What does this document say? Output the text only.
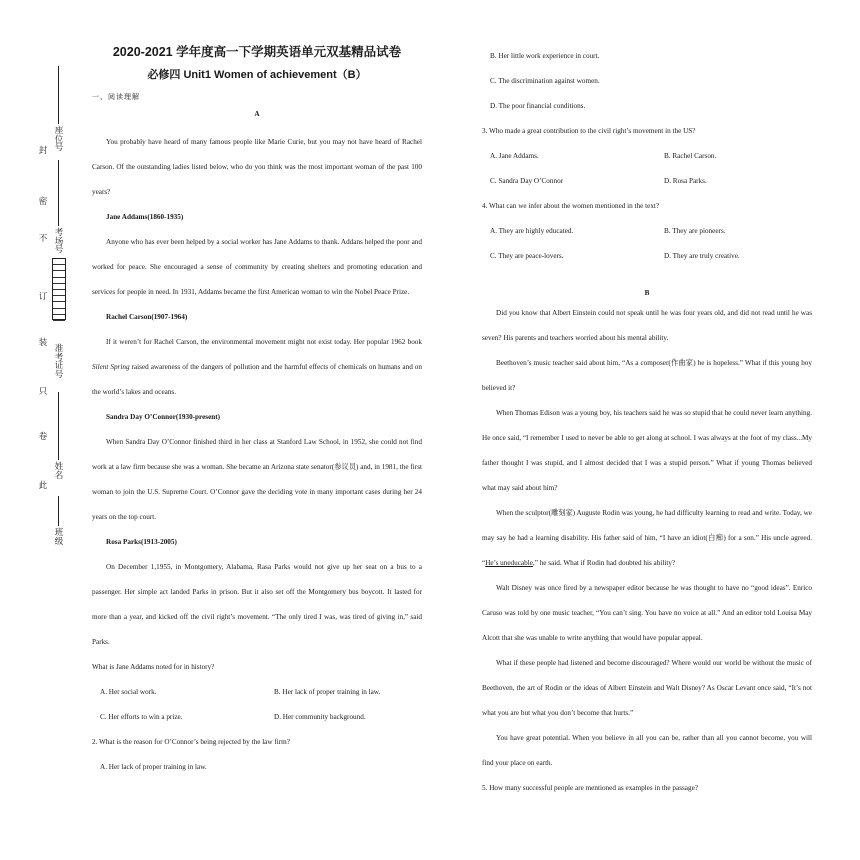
封
密
不
订
装
只
卷
此
座位号
考场号
准考证号
姓名
班级
2020-2021 学年度高一下学期英语单元双基精品试卷
必修四 Unit1 Women of achievement（B）
一、阅读理解
A

You probably have heard of many famous people like Marie Curie, but you may not have heard of Rachel Carson. Of the outstanding ladies listed below, who do you think was the most important woman of the past 100 years?

Jane Addams(1860-1935)

Anyone who has ever been helped by a social worker has Jane Addams to thank. Addans helped the poor and worked for peace. She encouraged a sense of community by creating shelters and promoting education and services for people in need. In 1931, Addams became the first American woman to win the Nobel Peace Prize.

Rachel Carson(1907-1964)

If it weren’t for Rachel Carson, the environmental movement might not exist today. Her popular 1962 book Silent Spring raised awareness of the dangers of pollution and the harmful effects of chemicals on humans and on the world’s lakes and oceans.

Sandra Day O’Connor(1930-present)

When Sandra Day O’Connor finished third in her class at Stanford Law School, in 1952, she could not find work at a law firm because she was a woman. She became an Arizona state senator(参议员) and, in 1981, the first woman to join the U.S. Supreme Court. O’Connor gave the deciding vote in many important cases during her 24 years on the top court.

Rosa Parks(1913-2005)

On December 1,1955, in Montgomery, Alabama, Rasa Parks would not give up her seat on a bus to a passenger. Her simple act landed Parks in prison. But it also set off the Montgomery bus boycott. It lasted for more than a year, and kicked off the civil right’s movement. “The only tired I was, was tired of giving in,” said Parks.

What is Jane Addams noted for in history?
A. Her social work.	B. Her lack of proper training in law.
C. Her efforts to win a prize.	D. Her community background.
2. What is the reason for O’Connor’s being rejected by the law firm?
A. Her lack of proper training in law.
B. Her little work experience in court.
C. The discrimination against women.
D. The poor financial conditions.
3. Who made a great contribution to the civil right’s movement in the US?
A. Jane Addams.	B. Rachel Carson.
C. Sandra Day O’Connor	D. Rosa Parks.
4. What can we infer about the women mentioned in the text?
A. They are highly educated.	B. They are pioneers.
C. They are peace-lovers.	D. They are truly creative.
B

Did you know that Albert Einstein could not speak until he was four years old, and did not read until he was seven? His parents and teachers worried about his mental ability.

Beethoven’s music teacher said about him, “As a composer(作曲家) he is hopeless.” What if this young boy believed it?

When Thomas Edison was a young boy, his teachers said he was so stupid that he could never learn anything. He once said, “I remember I used to never be able to get along at school. I was always at the foot of my class...My father thought I was stupid, and I almost decided that I was a stupid person.” What if young Thomas believed what may said about him?

When the sculptor(雕刻家) Auguste Rodin was young, he had difficulty learning to read and write. Today, we may say he had a learning disability. His father said of him, “I have an idiot(白痴) for a son.” His uncle agreed. “He’s uneducable,” he said. What if Rodin had doubted his ability?

Walt Disney was once fired by a newspaper editor because he was thought to have no “good ideas”. Enrico Caruso was told by one music teacher, “You can’t sing. You have no voice at all.” And an editor told Louisa May Alcott that she was unable to write anything that would have popular appeal.

What if these people had listened and become discouraged? Where would our world be without the music of Beethoven, the art of Rodin or the ideas of Albert Einstein and Walt Disney? As Oscar Levant once said, “It’s not what you are but what you don’t become that hurts.”

You have great potential. When you believe in all you can be, rather than all you cannot become, you will find your place on earth.

5. How many successful people are mentioned as examples in the passage?
